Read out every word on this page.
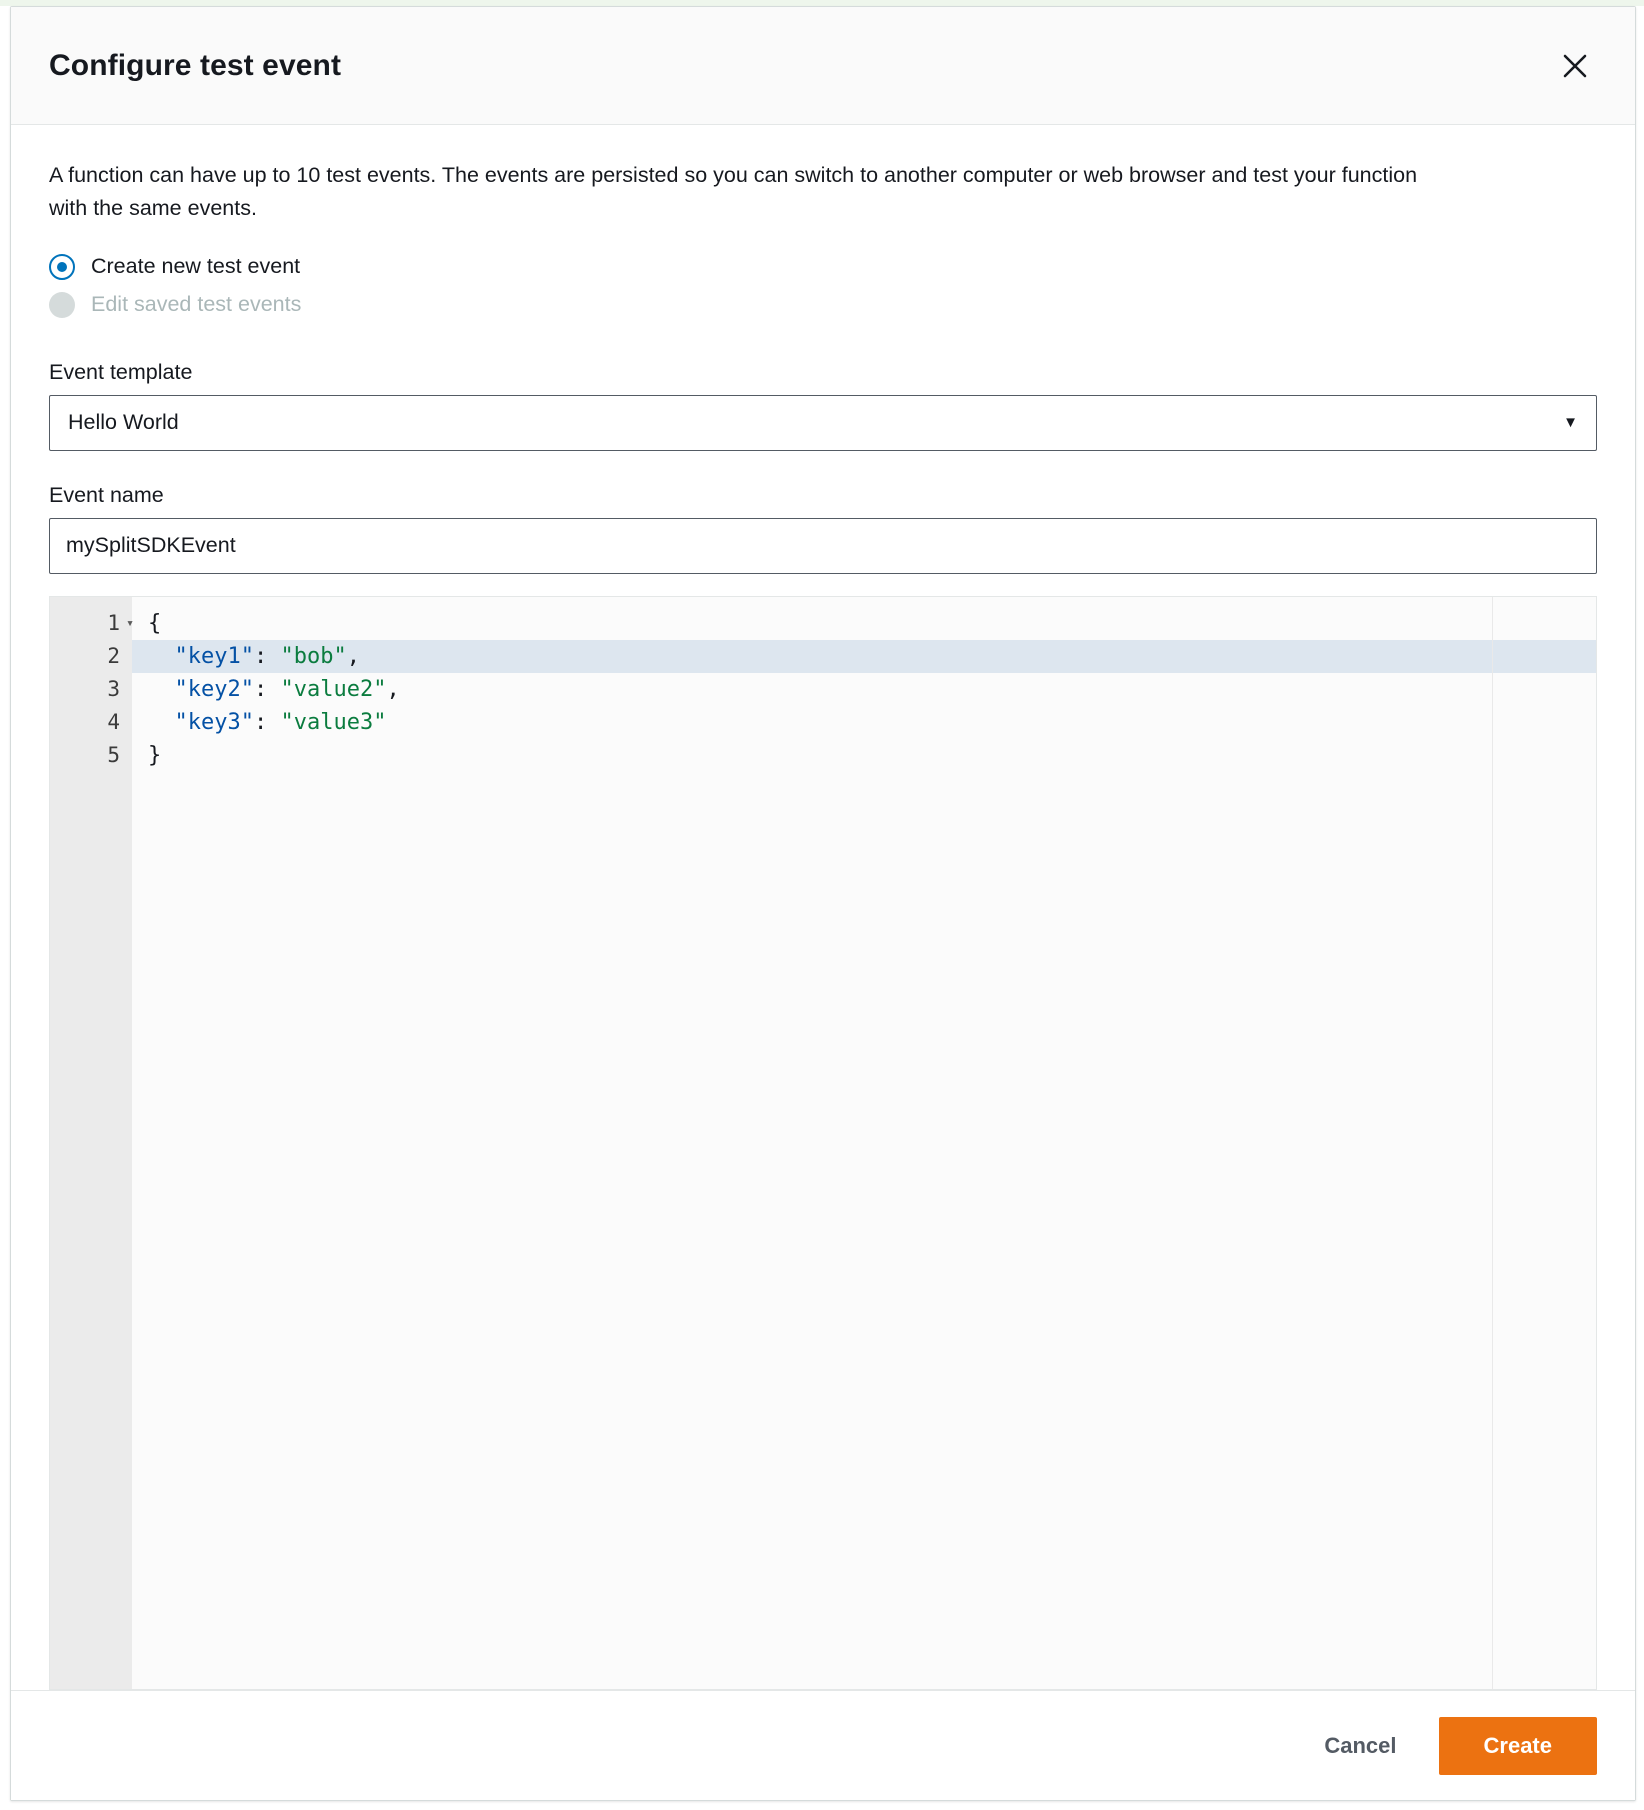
Configure test event
A function can have up to 10 test events. The events are persisted so you can switch to another computer or web browser and test your function with the same events.
Create new test event
Edit saved test events
Event template
Hello World	▼
Event name
mySplitSDKEvent
1 ▾
2
3
4
5
{
"key1": "bob",
"key2": "value2",
"key3": "value3"
}
Cancel	Create
